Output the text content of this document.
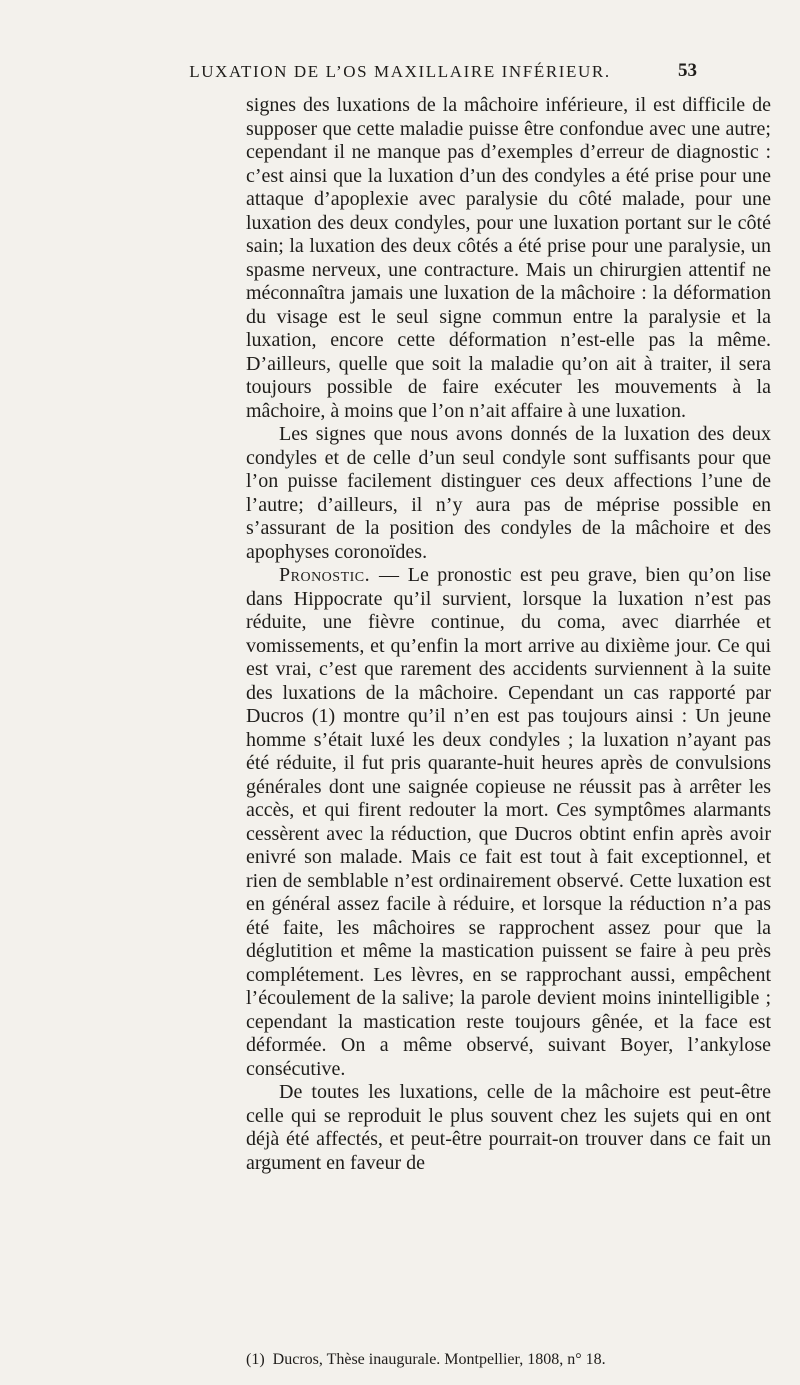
LUXATION DE L’OS MAXILLAIRE INFÉRIEUR.	53

signes des luxations de la mâchoire inférieure, il est difficile de supposer que cette maladie puisse être confondue avec une autre; cependant il ne manque pas d’exemples d’erreur de diagnostic : c’est ainsi que la luxation d’un des condyles a été prise pour une attaque d’apoplexie avec paralysie du côté malade, pour une luxation des deux condyles, pour une luxation portant sur le côté sain; la luxation des deux côtés a été prise pour une paralysie, un spasme nerveux, une contracture. Mais un chirurgien attentif ne méconnaîtra jamais une luxation de la mâchoire : la déformation du visage est le seul signe commun entre la paralysie et la luxation, encore cette déformation n’est-elle pas la même. D’ailleurs, quelle que soit la maladie qu’on ait à traiter, il sera toujours possible de faire exécuter les mouvements à la mâchoire, à moins que l’on n’ait affaire à une luxation.

Les signes que nous avons donnés de la luxation des deux condyles et de celle d’un seul condyle sont suffisants pour que l’on puisse facilement distinguer ces deux affections l’une de l’autre; d’ailleurs, il n’y aura pas de méprise possible en s’assurant de la position des condyles de la mâchoire et des apophyses coronoïdes.

Pronostic. — Le pronostic est peu grave, bien qu’on lise dans Hippocrate qu’il survient, lorsque la luxation n’est pas réduite, une fièvre continue, du coma, avec diarrhée et vomissements, et qu’enfin la mort arrive au dixième jour. Ce qui est vrai, c’est que rarement des accidents surviennent à la suite des luxations de la mâchoire. Cependant un cas rapporté par Ducros (1) montre qu’il n’en est pas toujours ainsi : Un jeune homme s’était luxé les deux condyles ; la luxation n’ayant pas été réduite, il fut pris quarante-huit heures après de convulsions générales dont une saignée copieuse ne réussit pas à arrêter les accès, et qui firent redouter la mort. Ces symptômes alarmants cessèrent avec la réduction, que Ducros obtint enfin après avoir enivré son malade. Mais ce fait est tout à fait exceptionnel, et rien de semblable n’est ordinairement observé. Cette luxation est en général assez facile à réduire, et lorsque la réduction n’a pas été faite, les mâchoires se rapprochent assez pour que la déglutition et même la mastication puissent se faire à peu près complétement. Les lèvres, en se rapprochant aussi, empêchent l’écoulement de la salive; la parole devient moins inintelligible ; cependant la mastication reste toujours gênée, et la face est déformée. On a même observé, suivant Boyer, l’ankylose consécutive.

De toutes les luxations, celle de la mâchoire est peut-être celle qui se reproduit le plus souvent chez les sujets qui en ont déjà été affectés, et peut-être pourrait-on trouver dans ce fait un argument en faveur de

(1) Ducros, Thèse inaugurale. Montpellier, 1808, n° 18.
